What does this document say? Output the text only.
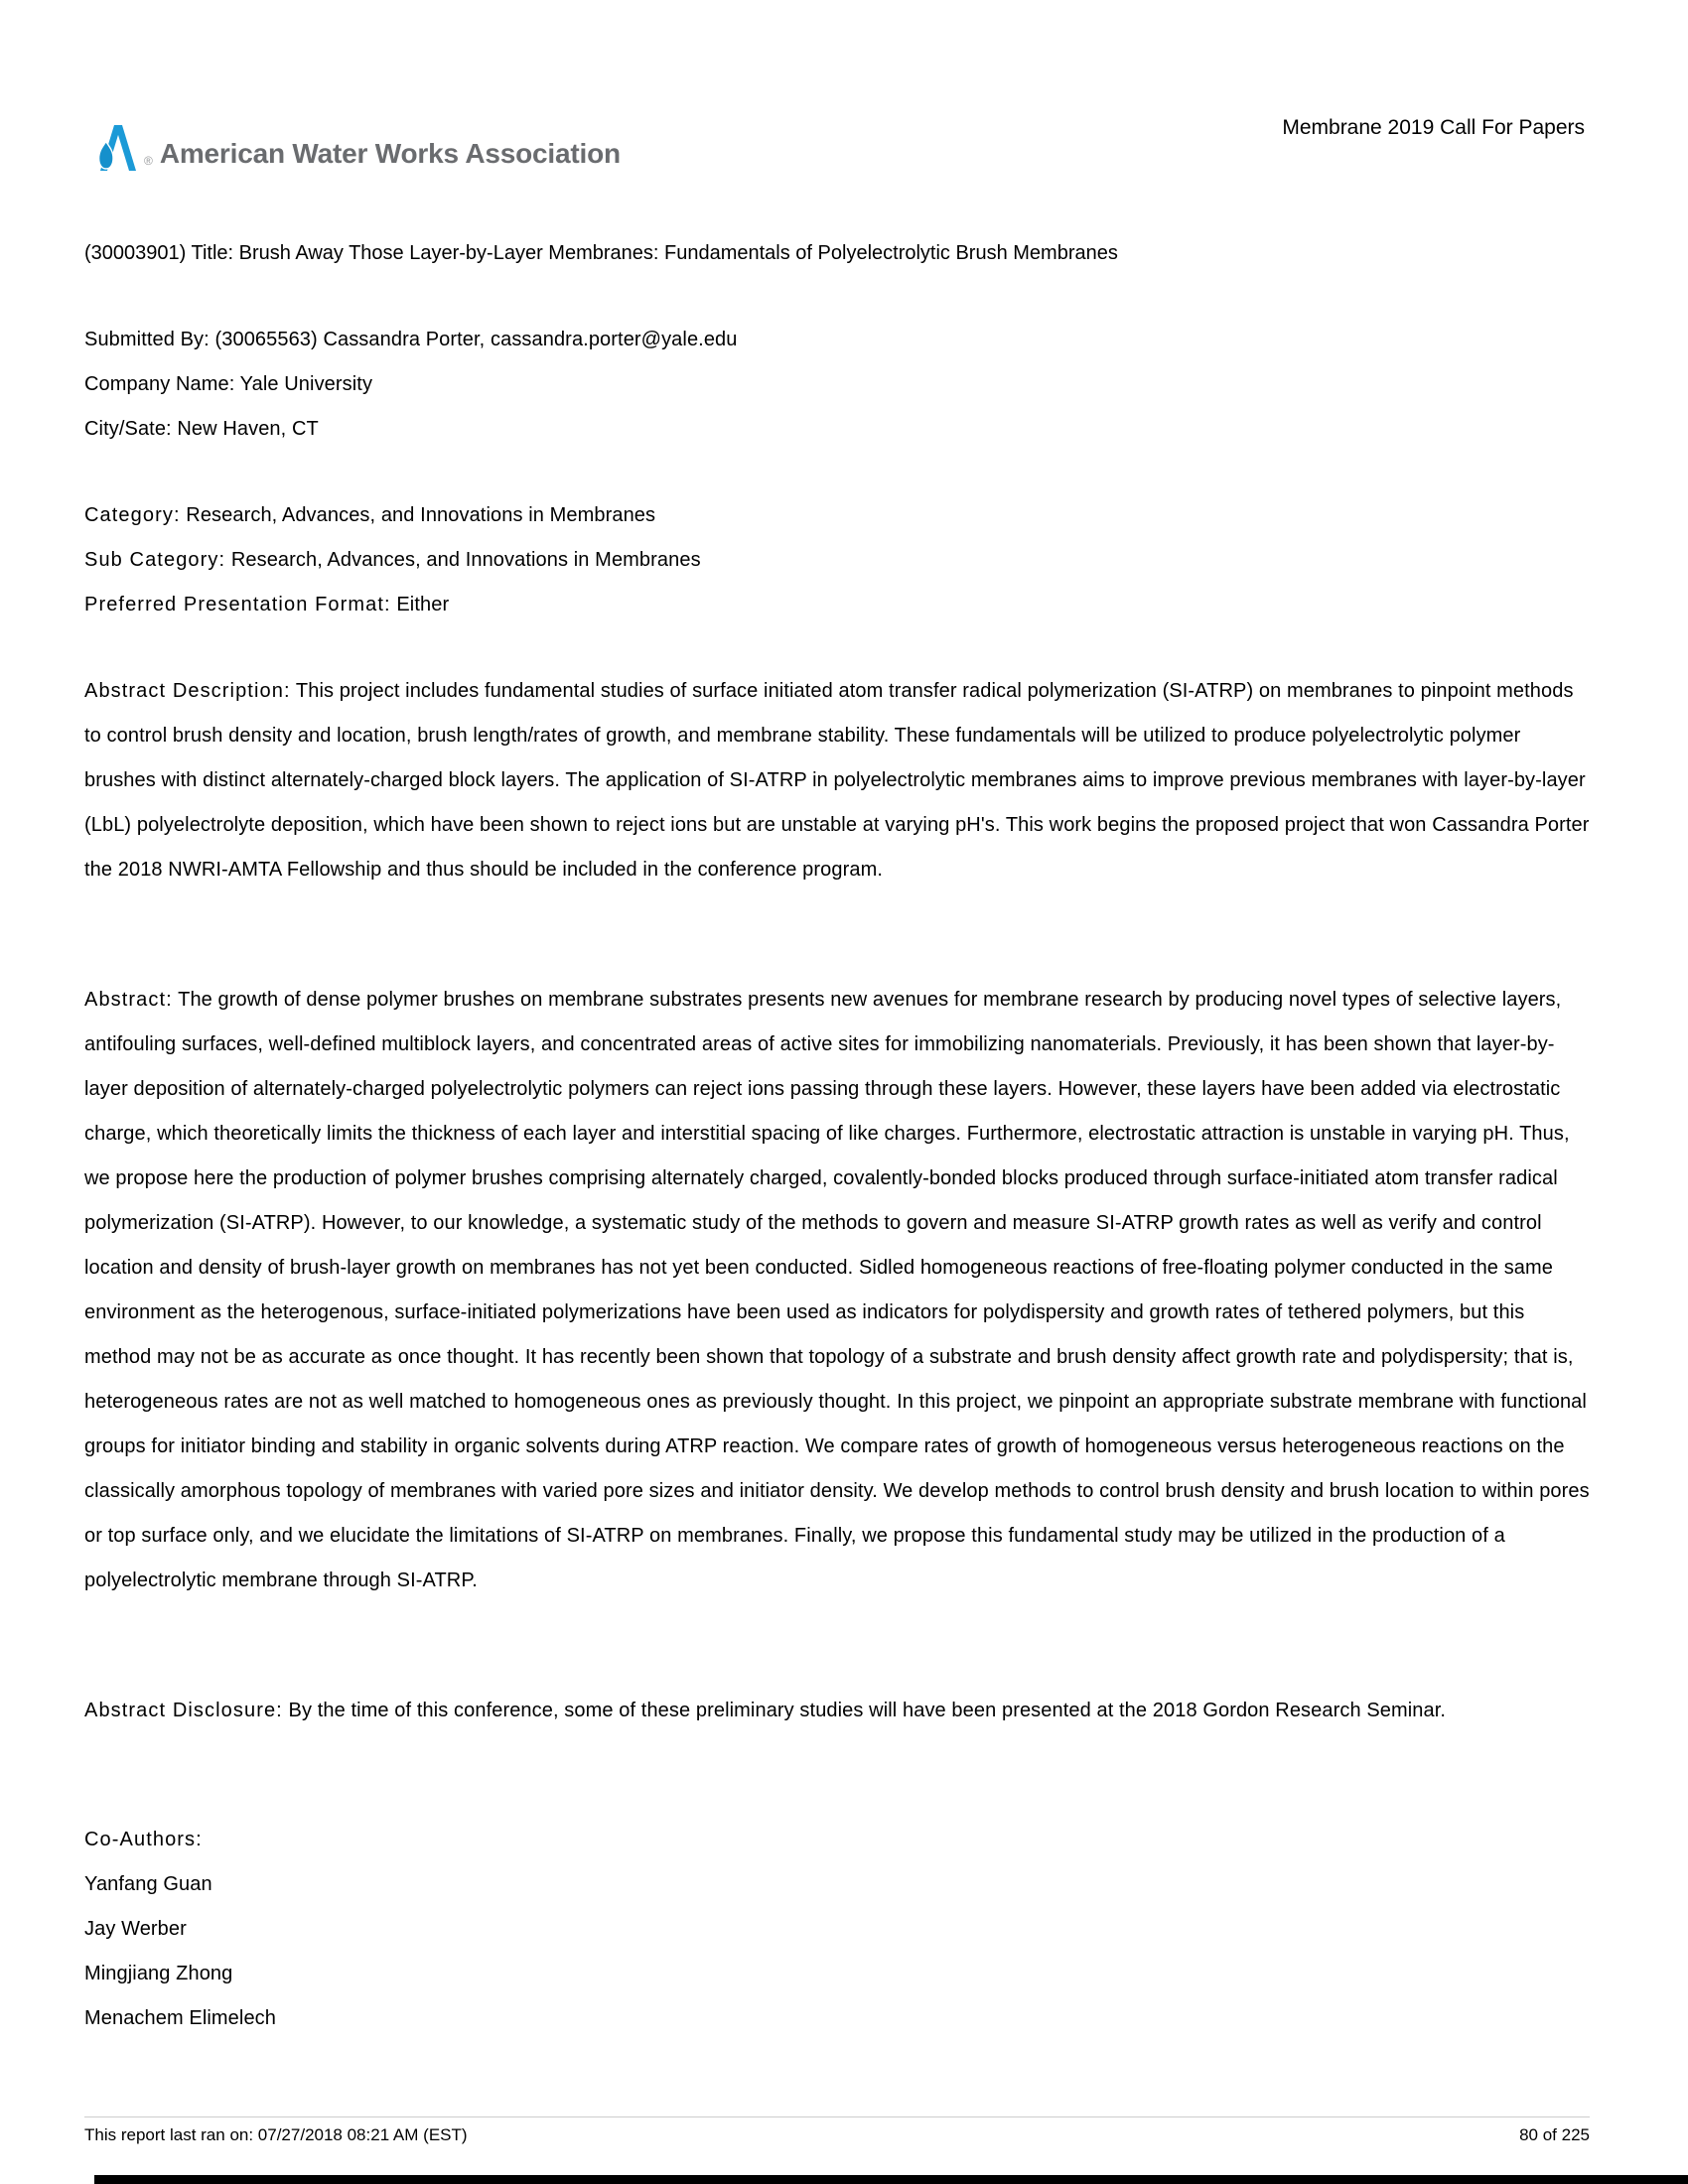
® American Water Works Association
Membrane 2019 Call For Papers
(30003901) Title: Brush Away Those Layer-by-Layer Membranes: Fundamentals of Polyelectrolytic Brush Membranes
Submitted By: (30065563) Cassandra Porter, cassandra.porter@yale.edu
Company Name: Yale University
City/Sate: New Haven, CT
Category: Research, Advances, and Innovations in Membranes
Sub Category: Research, Advances, and Innovations in Membranes
Preferred Presentation Format: Either

Abstract Description: This project includes fundamental studies of surface initiated atom transfer radical polymerization (SI-ATRP) on membranes to pinpoint methods to control brush density and location, brush length/rates of growth, and membrane stability. These fundamentals will be utilized to produce polyelectrolytic polymer brushes with distinct alternately-charged block layers. The application of SI-ATRP in polyelectrolytic membranes aims to improve previous membranes with layer-by-layer (LbL) polyelectrolyte deposition, which have been shown to reject ions but are unstable at varying pH's. This work begins the proposed project that won Cassandra Porter the 2018 NWRI-AMTA Fellowship and thus should be included in the conference program.

Abstract: The growth of dense polymer brushes on membrane substrates presents new avenues for membrane research by producing novel types of selective layers, antifouling surfaces, well-defined multiblock layers, and concentrated areas of active sites for immobilizing nanomaterials. Previously, it has been shown that layer-by-layer deposition of alternately-charged polyelectrolytic polymers can reject ions passing through these layers. However, these layers have been added via electrostatic charge, which theoretically limits the thickness of each layer and interstitial spacing of like charges. Furthermore, electrostatic attraction is unstable in varying pH. Thus, we propose here the production of polymer brushes comprising alternately charged, covalently-bonded blocks produced through surface-initiated atom transfer radical polymerization (SI-ATRP). However, to our knowledge, a systematic study of the methods to govern and measure SI-ATRP growth rates as well as verify and control location and density of brush-layer growth on membranes has not yet been conducted. Sidled homogeneous reactions of free-floating polymer conducted in the same environment as the heterogenous, surface-initiated polymerizations have been used as indicators for polydispersity and growth rates of tethered polymers, but this method may not be as accurate as once thought. It has recently been shown that topology of a substrate and brush density affect growth rate and polydispersity; that is, heterogeneous rates are not as well matched to homogeneous ones as previously thought. In this project, we pinpoint an appropriate substrate membrane with functional groups for initiator binding and stability in organic solvents during ATRP reaction. We compare rates of growth of homogeneous versus heterogeneous reactions on the classically amorphous topology of membranes with varied pore sizes and initiator density. We develop methods to control brush density and brush location to within pores or top surface only, and we elucidate the limitations of SI-ATRP on membranes. Finally, we propose this fundamental study may be utilized in the production of a polyelectrolytic membrane through SI-ATRP.

Abstract Disclosure: By the time of this conference, some of these preliminary studies will have been presented at the 2018 Gordon Research Seminar.

Co-Authors:
Yanfang Guan
Jay Werber
Mingjiang Zhong
Menachem Elimelech
This report last ran on: 07/27/2018 08:21 AM (EST)	80 of 225
